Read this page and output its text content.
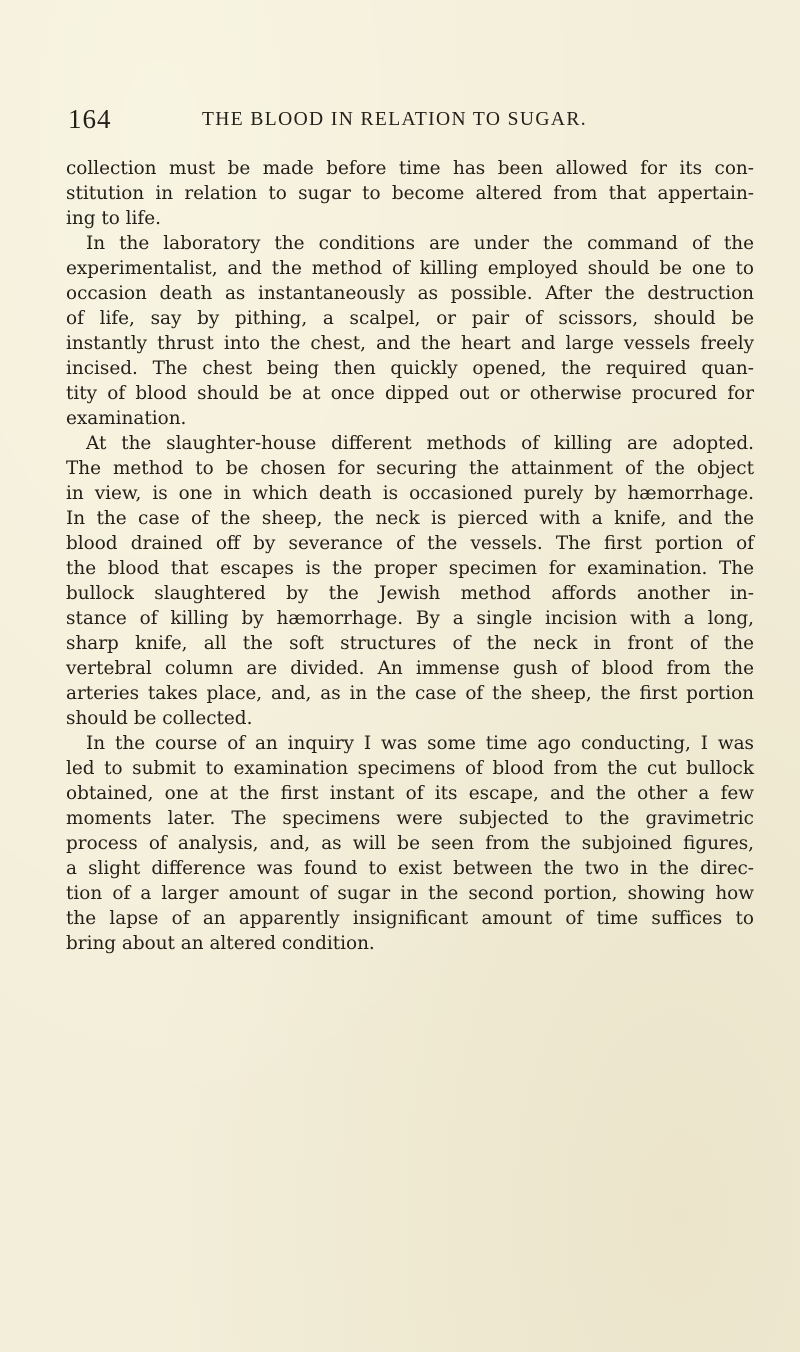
164	THE BLOOD IN RELATION TO SUGAR.
collection must be made before time has been allowed for its con-
stitution in relation to sugar to become altered from that appertain-
ing to life.
In the laboratory the conditions are under the command of the
experimentalist, and the method of killing employed should be one to
occasion death as instantaneously as possible. After the destruction
of life, say by pithing, a scalpel, or pair of scissors, should be
instantly thrust into the chest, and the heart and large vessels freely
incised. The chest being then quickly opened, the required quan-
tity of blood should be at once dipped out or otherwise procured for
examination.
At the slaughter-house different methods of killing are adopted.
The method to be chosen for securing the attainment of the object
in view, is one in which death is occasioned purely by hæmorrhage.
In the case of the sheep, the neck is pierced with a knife, and the
blood drained off by severance of the vessels. The first portion of
the blood that escapes is the proper specimen for examination. The
bullock slaughtered by the Jewish method affords another in-
stance of killing by hæmorrhage. By a single incision with a long,
sharp knife, all the soft structures of the neck in front of the
vertebral column are divided. An immense gush of blood from the
arteries takes place, and, as in the case of the sheep, the first portion
should be collected.
In the course of an inquiry I was some time ago conducting, I was
led to submit to examination specimens of blood from the cut bullock
obtained, one at the first instant of its escape, and the other a few
moments later. The specimens were subjected to the gravimetric
process of analysis, and, as will be seen from the subjoined figures,
a slight difference was found to exist between the two in the direc-
tion of a larger amount of sugar in the second portion, showing how
the lapse of an apparently insignificant amount of time suffices to
bring about an altered condition.
